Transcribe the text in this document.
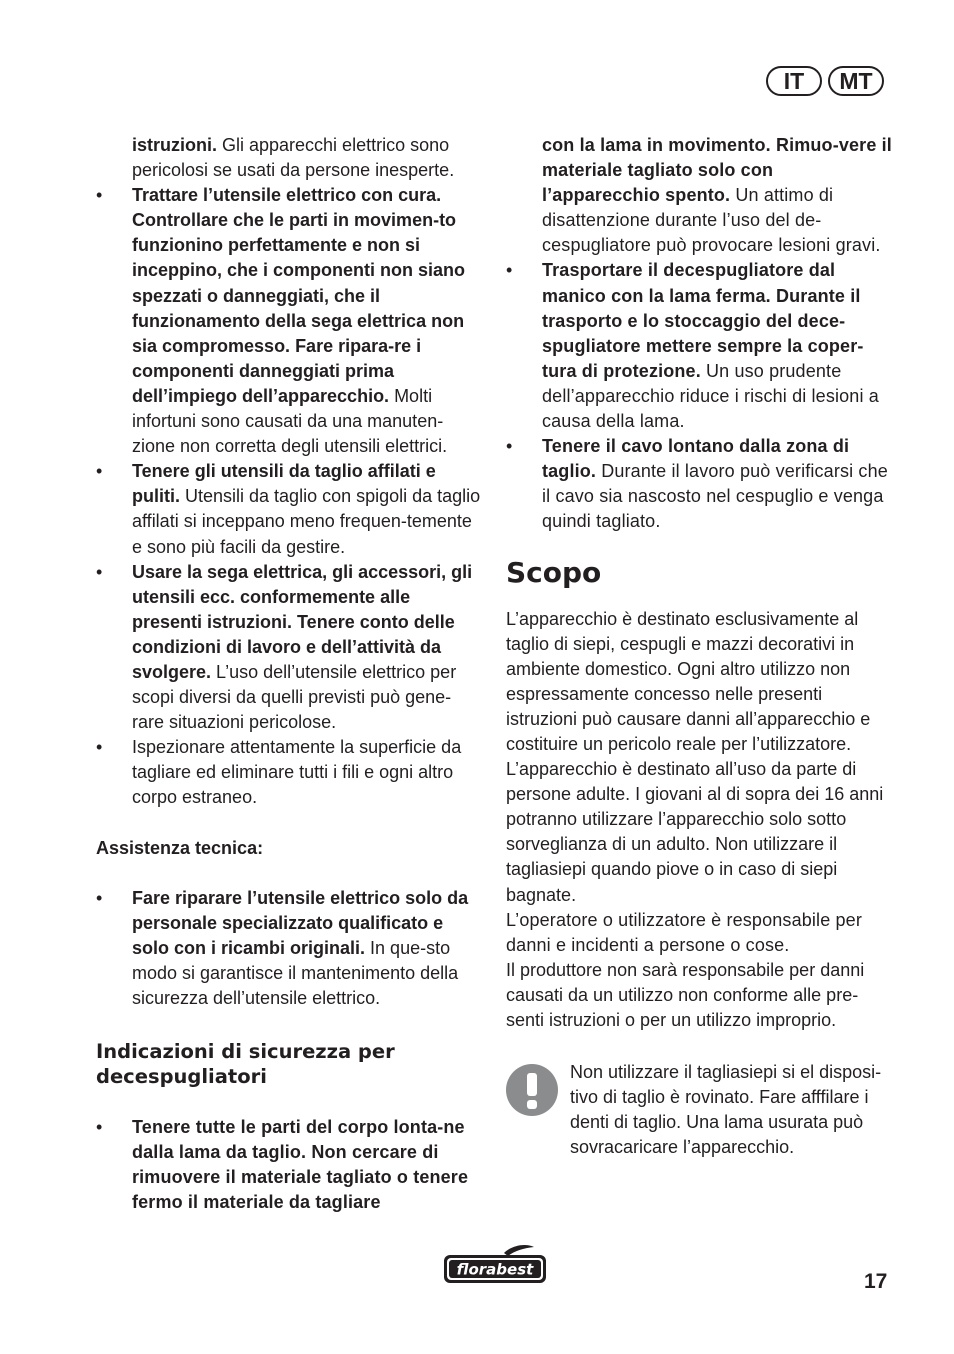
IT	MT

istruzioni. Gli apparecchi elettrico sono pericolosi se usati da persone inesperte.

•	Trattare l’utensile elettrico con cura. Controllare che le parti in movimen-to funzionino perfettamente e non si inceppino, che i componenti non siano spezzati o danneggiati, che il funzionamento della sega elettrica non sia compromesso. Fare ripara-re i componenti danneggiati prima dell’impiego dell’apparecchio. Molti infortuni sono causati da una manuten-zione non corretta degli utensili elettrici.
•	Tenere gli utensili da taglio affilati e puliti. Utensili da taglio con spigoli da taglio affilati si inceppano meno frequen-temente e sono più facili da gestire.
•	Usare la sega elettrica, gli accessori, gli utensili ecc. conformemente alle presenti istruzioni. Tenere conto delle condizioni di lavoro e dell’attività da svolgere. L’uso dell’utensile elettrico per scopi diversi da quelli previsti può gene-rare situazioni pericolose.
•	Ispezionare attentamente la superficie da tagliare ed eliminare tutti i fili e ogni altro corpo estraneo.
Assistenza tecnica:
•	Fare riparare l’utensile elettrico solo da personale specializzato qualificato e solo con i ricambi originali. In que-sto modo si garantisce il mantenimento della sicurezza dell’utensile elettrico.
Indicazioni di sicurezza per decespugliatori
•	Tenere tutte le parti del corpo lonta-ne dalla lama da taglio. Non cercare di rimuovere il materiale tagliato o tenere fermo il materiale da tagliare

con la lama in movimento. Rimuo-vere il materiale tagliato solo con l’apparecchio spento. Un attimo di disattenzione durante l’uso del de-cespugliatore può provocare lesioni gravi.

•	Trasportare il decespugliatore dal manico con la lama ferma. Durante il trasporto e lo stoccaggio del dece-spugliatore mettere sempre la coper-tura di protezione. Un uso prudente dell’apparecchio riduce i rischi di lesioni a causa della lama.
•	Tenere il cavo lontano dalla zona di taglio. Durante il lavoro può verificarsi che il cavo sia nascosto nel cespuglio e venga quindi tagliato.
Scopo

L’apparecchio è destinato esclusivamente al taglio di siepi, cespugli e mazzi decorativi in ambiente domestico. Ogni altro utilizzo non espressamente concesso nelle presenti istruzioni può causare danni all’apparecchio e costituire un pericolo reale per l’utilizzatore. L’apparecchio è destinato all’uso da parte di persone adulte. I giovani al di sopra dei 16 anni potranno utilizzare l’apparecchio solo sotto sorveglianza di un adulto. Non utilizzare il tagliasiepi quando piove o in caso di siepi bagnate.

L’operatore o utilizzatore è responsabile per danni e incidenti a persone o cose.

Il produttore non sarà responsabile per danni causati da un utilizzo non conforme alle pre-senti istruzioni o per un utilizzo improprio.

Non utilizzare il tagliasiepi si el disposi-tivo di taglio è rovinato. Fare afffilare i denti di taglio. Una lama usurata può sovracaricare l’apparecchio.
florabest
17
